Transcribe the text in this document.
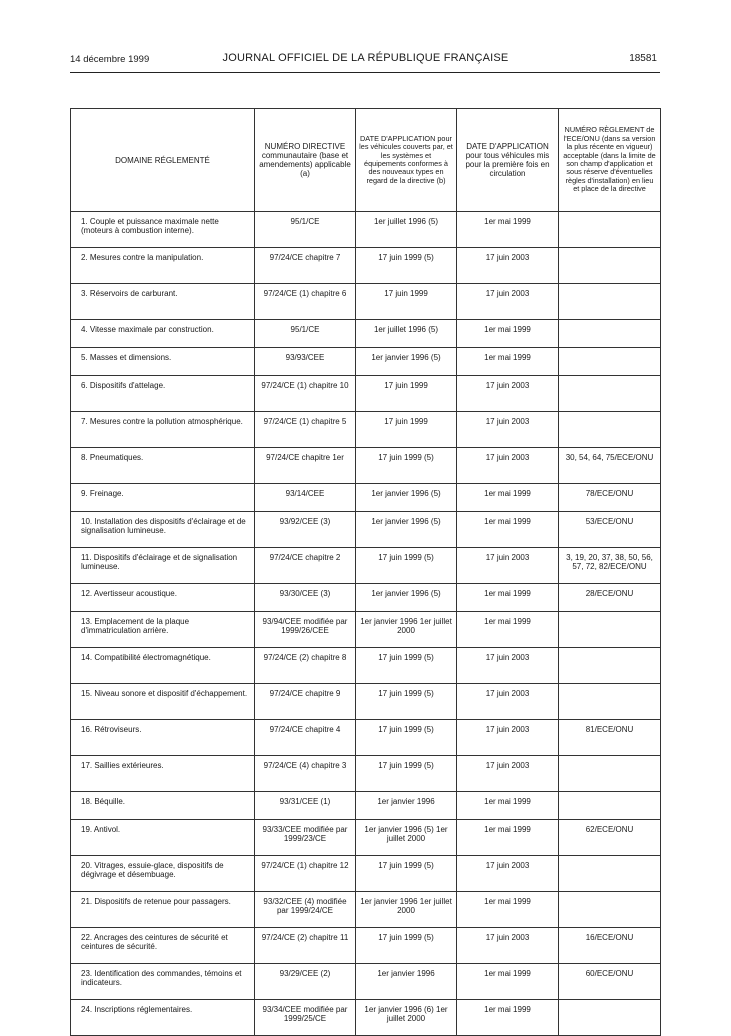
14 décembre 1999	JOURNAL OFFICIEL DE LA RÉPUBLIQUE FRANÇAISE	18581
DOMAINE RÉGLEMENTÉ	NUMÉRO DIRECTIVE communautaire (base et amendements) applicable (a)	DATE D'APPLICATION pour les véhicules couverts par, et les systèmes et équipements conformes à des nouveaux types en regard de la directive (b)	DATE D'APPLICATION pour tous véhicules mis pour la première fois en circulation	NUMÉRO RÈGLEMENT de l'ECE/ONU (dans sa version la plus récente en vigueur) acceptable (dans la limite de son champ d'application et sous réserve d'éventuelles règles d'installation) en lieu et place de la directive
1. Couple et puissance maximale nette (moteurs à combustion interne).	95/1/CE	1er juillet 1996 (5)	1er mai 1999	
2. Mesures contre la manipulation.	97/24/CE chapitre 7	17 juin 1999 (5)	17 juin 2003	
3. Réservoirs de carburant.	97/24/CE (1) chapitre 6	17 juin 1999	17 juin 2003	
4. Vitesse maximale par construction.	95/1/CE	1er juillet 1996 (5)	1er mai 1999	
5. Masses et dimensions.	93/93/CEE	1er janvier 1996 (5)	1er mai 1999	
6. Dispositifs d'attelage.	97/24/CE (1) chapitre 10	17 juin 1999	17 juin 2003	
7. Mesures contre la pollution atmosphérique.	97/24/CE (1) chapitre 5	17 juin 1999	17 juin 2003	
8. Pneumatiques.	97/24/CE chapitre 1er	17 juin 1999 (5)	17 juin 2003	30, 54, 64, 75/ECE/ONU
9. Freinage.	93/14/CEE	1er janvier 1996 (5)	1er mai 1999	78/ECE/ONU
10. Installation des dispositifs d'éclairage et de signalisation lumineuse.	93/92/CEE (3)	1er janvier 1996 (5)	1er mai 1999	53/ECE/ONU
11. Dispositifs d'éclairage et de signalisation lumineuse.	97/24/CE chapitre 2	17 juin 1999 (5)	17 juin 2003	3, 19, 20, 37, 38, 50, 56, 57, 72, 82/ECE/ONU
12. Avertisseur acoustique.	93/30/CEE (3)	1er janvier 1996 (5)	1er mai 1999	28/ECE/ONU
13. Emplacement de la plaque d'immatriculation arrière.	93/94/CEE modifiée par 1999/26/CEE	1er janvier 1996 1er juillet 2000	1er mai 1999	
14. Compatibilité électromagnétique.	97/24/CE (2) chapitre 8	17 juin 1999 (5)	17 juin 2003	
15. Niveau sonore et dispositif d'échappement.	97/24/CE chapitre 9	17 juin 1999 (5)	17 juin 2003	
16. Rétroviseurs.	97/24/CE chapitre 4	17 juin 1999 (5)	17 juin 2003	81/ECE/ONU
17. Saillies extérieures.	97/24/CE (4) chapitre 3	17 juin 1999 (5)	17 juin 2003	
18. Béquille.	93/31/CEE (1)	1er janvier 1996	1er mai 1999	
19. Antivol.	93/33/CEE modifiée par 1999/23/CE	1er janvier 1996 (5) 1er juillet 2000	1er mai 1999	62/ECE/ONU
20. Vitrages, essuie-glace, dispositifs de dégivrage et désembuage.	97/24/CE (1) chapitre 12	17 juin 1999 (5)	17 juin 2003	
21. Dispositifs de retenue pour passagers.	93/32/CEE (4) modifiée par 1999/24/CE	1er janvier 1996 1er juillet 2000	1er mai 1999	
22. Ancrages des ceintures de sécurité et ceintures de sécurité.	97/24/CE (2) chapitre 11	17 juin 1999 (5)	17 juin 2003	16/ECE/ONU
23. Identification des commandes, témoins et indicateurs.	93/29/CEE (2)	1er janvier 1996	1er mai 1999	60/ECE/ONU
24. Inscriptions réglementaires.	93/34/CEE modifiée par 1999/25/CE	1er janvier 1996 (6) 1er juillet 2000	1er mai 1999	
